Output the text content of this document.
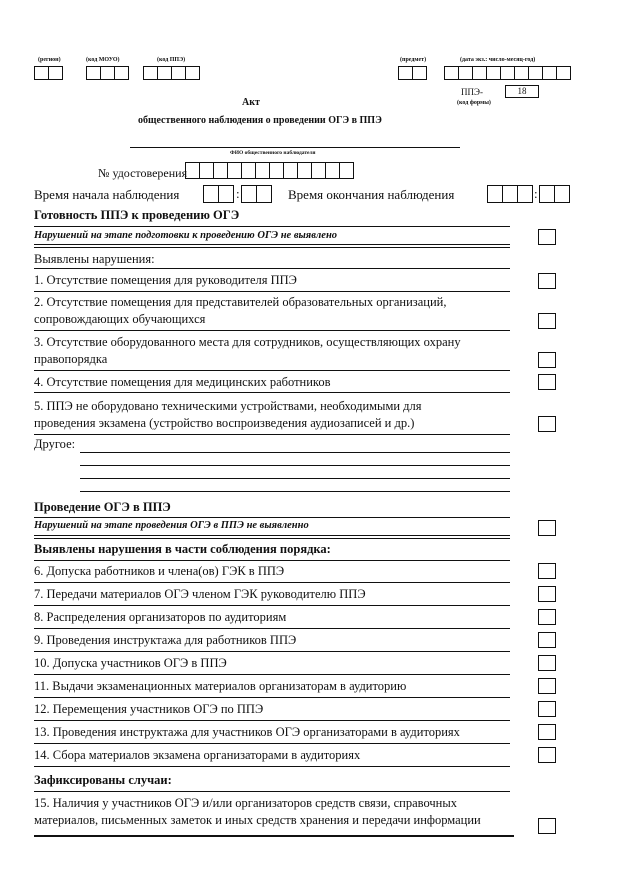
(регион)	(код МОУО)	(код ППЭ)	(предмет)	(дата экз.: число-месяц-год)
ППЭ-	18
(код формы)
Акт
общественного наблюдения о проведении ОГЭ в ППЭ
ФИО общественного наблюдателя
№ удостоверения
Время начала наблюдения	:	Время окончания наблюдения	:
Готовность ППЭ к проведению ОГЭ
Нарушений на этапе подготовки к проведению ОГЭ не выявлено
Выявлены нарушения:
1. Отсутствие помещения для руководителя ППЭ
2. Отсутствие помещения для представителей образовательных организаций,
сопровождающих обучающихся
3. Отсутствие оборудованного места для сотрудников, осуществляющих охрану
правопорядка
4. Отсутствие помещения для медицинских работников
5. ППЭ не оборудовано техническими устройствами, необходимыми для
проведения экзамена (устройство воспроизведения аудиозаписей и др.)
Другое:
Проведение ОГЭ в ППЭ
Нарушений на этапе проведения ОГЭ в ППЭ не выявленно
Выявлены нарушения в части соблюдения порядка:
6. Допуска работников и члена(ов) ГЭК в ППЭ
7. Передачи материалов ОГЭ членом ГЭК руководителю ППЭ
8. Распределения организаторов по аудиториям
9. Проведения инструктажа для работников ППЭ
10. Допуска участников ОГЭ в ППЭ
11. Выдачи экзаменационных материалов организаторам в аудиторию
12. Перемещения участников ОГЭ по ППЭ
13. Проведения инструктажа для участников ОГЭ организаторами в аудиториях
14. Сбора материалов экзамена организаторами в аудиториях
Зафиксированы случаи:
15. Наличия у участников ОГЭ и/или организаторов средств связи, справочных
материалов, письменных заметок и иных средств хранения и передачи информации
